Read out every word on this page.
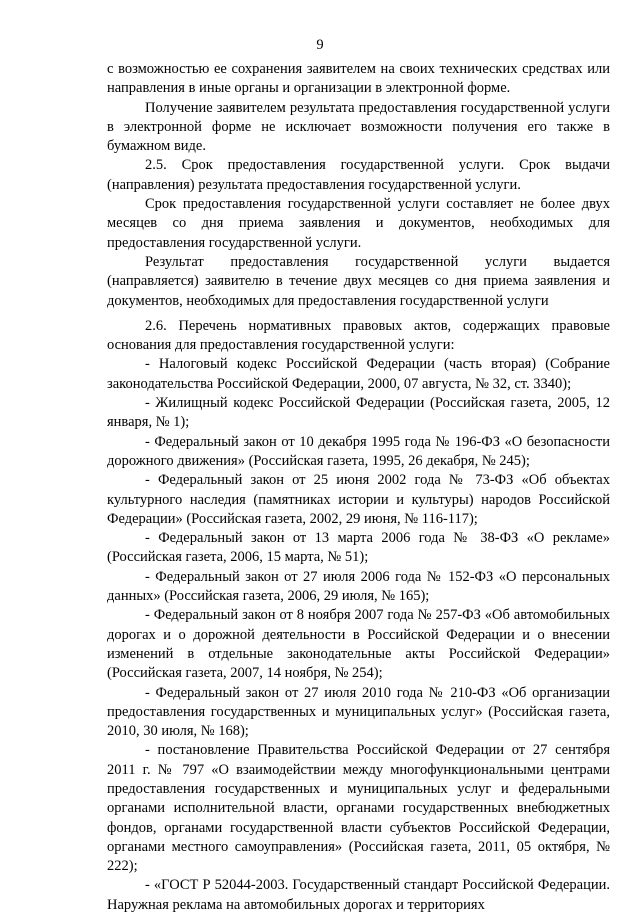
9

с возможностью ее сохранения заявителем на своих технических средствах или направления в иные органы и организации в электронной форме.

Получение заявителем результата предоставления государственной услуги в электронной форме не исключает возможности получения его также в бумажном виде.

2.5. Срок предоставления государственной услуги. Срок выдачи (направления) результата предоставления государственной услуги.

Срок предоставления государственной услуги составляет не более двух месяцев со дня приема заявления и документов, необходимых для предоставления государственной услуги.

Результат предоставления государственной услуги выдается (направляется) заявителю в течение двух месяцев со дня приема заявления и документов, необходимых для предоставления государственной услуги

2.6. Перечень нормативных правовых актов, содержащих правовые основания для предоставления государственной услуги:

- Налоговый кодекс Российской Федерации (часть вторая) (Собрание законодательства Российской Федерации, 2000, 07 августа, № 32, ст. 3340);

- Жилищный кодекс Российской Федерации (Российская газета, 2005, 12 января, № 1);

- Федеральный закон от 10 декабря 1995 года № 196-ФЗ «О безопасности дорожного движения» (Российская газета, 1995, 26 декабря, № 245);

- Федеральный закон от 25 июня 2002 года № 73-ФЗ «Об объектах культурного наследия (памятниках истории и культуры) народов Российской Федерации» (Российская газета, 2002, 29 июня, № 116-117);

- Федеральный закон от 13 марта 2006 года № 38-ФЗ «О рекламе» (Российская газета, 2006, 15 марта, № 51);

- Федеральный закон от 27 июля 2006 года № 152-ФЗ «О персональных данных» (Российская газета, 2006, 29 июля, № 165);

- Федеральный закон от 8 ноября 2007 года № 257-ФЗ «Об автомобильных дорогах и о дорожной деятельности в Российской Федерации и о внесении изменений в отдельные законодательные акты Российской Федерации» (Российская газета, 2007, 14 ноября, № 254);

- Федеральный закон от 27 июля 2010 года № 210-ФЗ «Об организации предоставления государственных и муниципальных услуг» (Российская газета, 2010, 30 июля, № 168);

- постановление Правительства Российской Федерации от 27 сентября 2011 г. № 797 «О взаимодействии между многофункциональными центрами предоставления государственных и муниципальных услуг и федеральными органами исполнительной власти, органами государственных внебюджетных фондов, органами государственной власти субъектов Российской Федерации, органами местного самоуправления» (Российская газета, 2011, 05 октября, № 222);

- «ГОСТ Р 52044-2003. Государственный стандарт Российской Федерации. Наружная реклама на автомобильных дорогах и территориях
